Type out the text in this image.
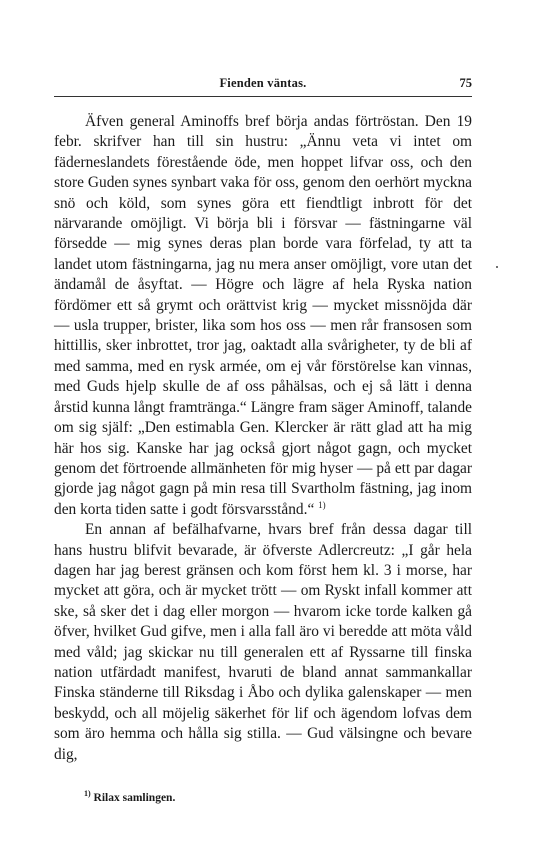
Fienden väntas.	75

Äfven general Aminoffs bref börja andas förtröstan. Den 19 febr. skrifver han till sin hustru: „Ännu veta vi intet om fäderneslandets förestående öde, men hoppet lifvar oss, och den store Guden synes synbart vaka för oss, genom den oerhört myckna snö och köld, som synes göra ett fiendtligt inbrott för det närvarande omöjligt. Vi börja bli i försvar — fästningarne väl försedde — mig synes deras plan borde vara förfelad, ty att ta landet utom fästningarna, jag nu mera anser omöjligt, vore utan det ändamål de åsyftat. — Högre och lägre af hela Ryska nation fördömer ett så grymt och orättvist krig — mycket missnöjda där — usla trupper, brister, lika som hos oss — men rår fransosen som hittillis, sker inbrottet, tror jag, oaktadt alla svårigheter, ty de bli af med samma, med en rysk armée, om ej vår förstörelse kan vinnas, med Guds hjelp skulle de af oss påhälsas, och ej så lätt i denna årstid kunna långt framtränga.“ Längre fram säger Aminoff, talande om sig själf: „Den estimabla Gen. Klercker är rätt glad att ha mig här hos sig. Kanske har jag också gjort något gagn, och mycket genom det förtroende allmänheten för mig hyser — på ett par dagar gjorde jag något gagn på min resa till Svartholm fästning, jag inom den korta tiden satte i godt försvarsstånd.“ $^{1)}$

En annan af befälhafvarne, hvars bref från dessa dagar till hans hustru blifvit bevarade, är öfverste Adlercreutz: „I går hela dagen har jag berest gränsen och kom först hem kl. 3 i morse, har mycket att göra, och är mycket trött — om Ryskt infall kommer att ske, så sker det i dag eller morgon — hvarom icke torde kalken gå öfver, hvilket Gud gifve, men i alla fall äro vi beredde att möta våld med våld; jag skickar nu till generalen ett af Ryssarne till finska nation utfärdadt manifest, hvaruti de bland annat sammankallar Finska ständerne till Riksdag i Åbo och dylika galenskaper — men beskydd, och all möjelig säkerhet för lif och ägendom lofvas dem som äro hemma och hålla sig stilla. — Gud välsingne och bevare dig,

$^{1)}$ Rilax samlingen.
